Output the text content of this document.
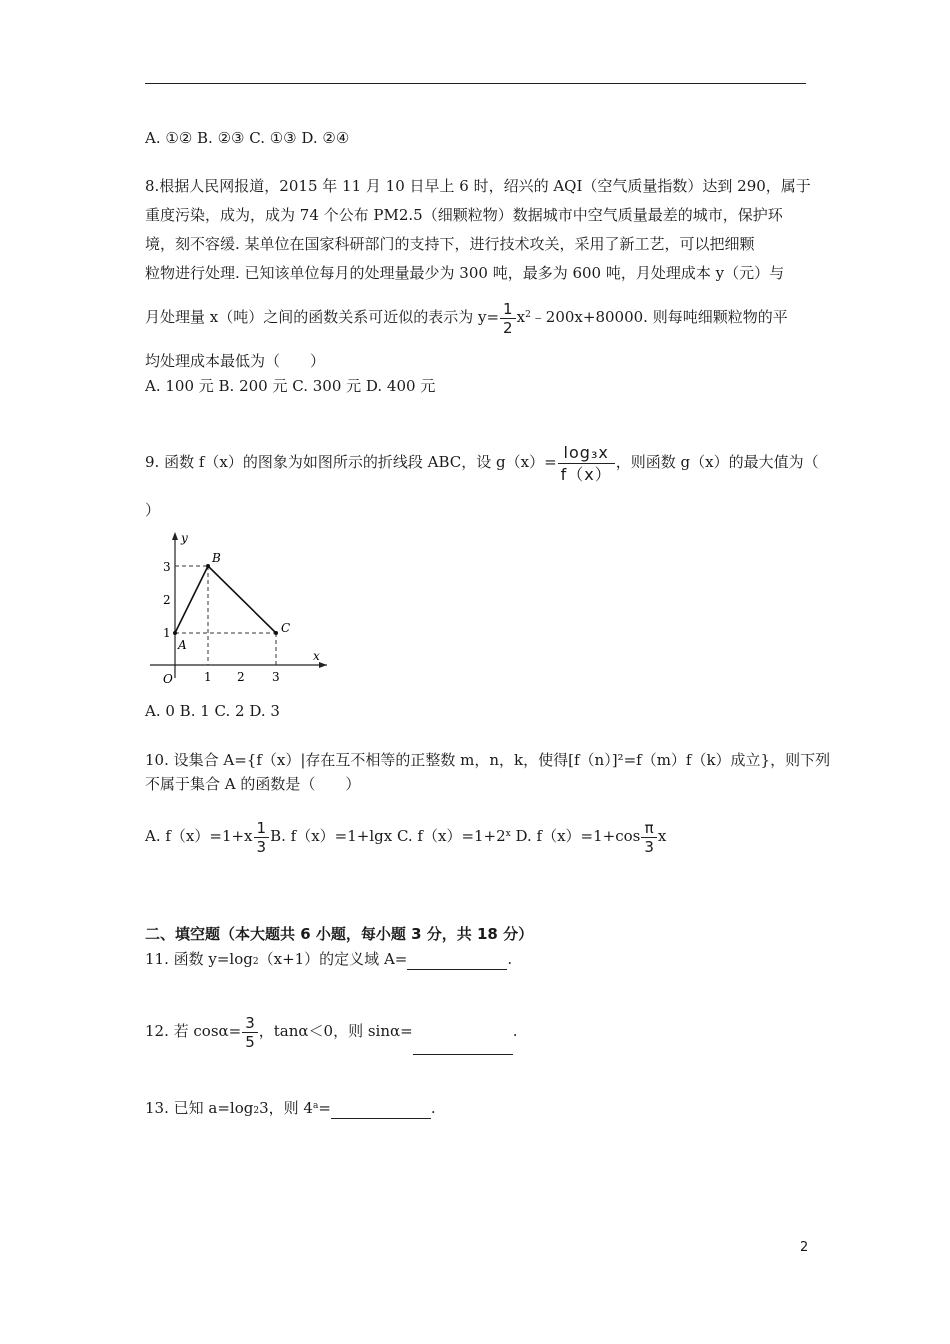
A. ①② B. ②③ C. ①③ D. ②④
8.根据人民网报道，2015 年 11 月 10 日早上 6 时，绍兴的 AQI（空气质量指数）达到 290，属于
重度污染，成为，成为 74 个公布 PM2.5（细颗粒物）数据城市中空气质量最差的城市，保护环
境，刻不容缓. 某单位在国家科研部门的支持下，进行技术攻关，采用了新工艺，可以把细颗
粒物进行处理. 已知该单位每月的处理量最少为 300 吨，最多为 600 吨，月处理成本 y（元）与
月处理量 x（吨）之间的函数关系可近似的表示为 $y= \frac{1}{2}$ $x^2﹣200x+80000$. 则每吨细颗粒物的平
均处理成本最低为（　　）
A. 100 元 B. 200 元 C. 300 元 D. 400 元
9. 函数 f（x）的图象为如图所示的折线段 ABC，设 $g(x)= \frac{\text{log₃x}}{f(x)}$ ，则函数 g（x）的最大值为（
）
y
x
O
1
2
3
1 2 3
A
B
C
A. 0 B. 1 C. 2 D. 3
10. 设集合 A={f（x）|存在互不相等的正整数 m，n，k，使得[f（n）]²=f（m）f（k）成立}，则下列
不属于集合 A 的函数是（　　）
A. $f(x)=1+x \frac{1}{3} B$. f（x）=1+lgx C. $f(x)=1+2^x$ D. $f(x)=1+\cos \frac{\pi}{3}$ x
二、填空题（本大题共 6 小题，每小题 3 分，共 18 分）
11. 函数 $y=\log_2(x+1)$的定义域 A=	.
12. 若 $\cos\alpha= \frac{3}{5}$ ，tanα＜0，则 sinα=	.
13. 已知 $a=\log_23$，则 $4^a=$	.
2
